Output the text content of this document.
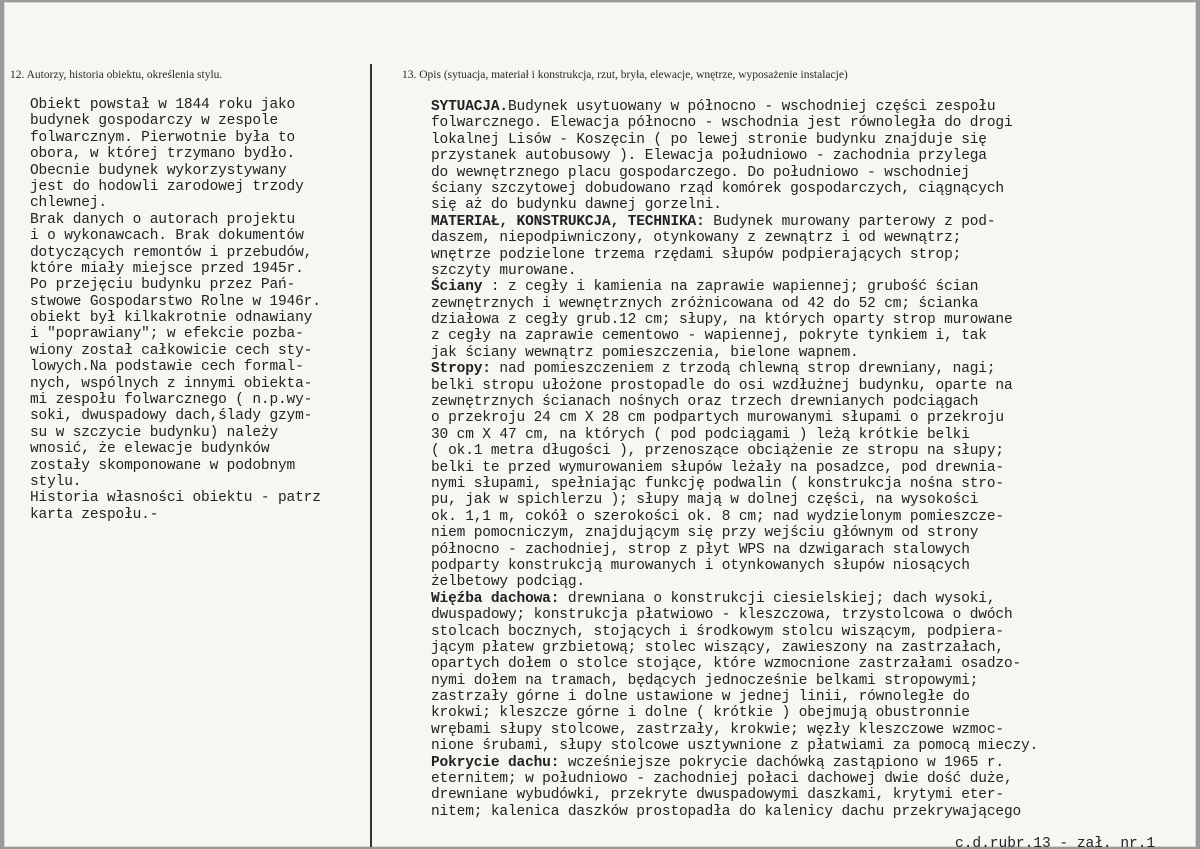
12. Autorzy, historia obiektu, określenia stylu.	13. Opis (sytuacja, materiał i konstrukcja, rzut, bryła, elewacje, wnętrze, wyposażenie instalacje)
Obiekt powstał w 1844 roku jako
budynek gospodarczy w zespole
folwarcznym. Pierwotnie była to
obora, w której trzymano bydło.
Obecnie budynek wykorzystywany
jest do hodowli zarodowej trzody
chlewnej.
Brak danych o autorach projektu
i o wykonawcach. Brak dokumentów
dotyczących remontów i przebudów,
które miały miejsce przed 1945r.
Po przejęciu budynku przez Pań-
stwowe Gospodarstwo Rolne w 1946r.
obiekt był kilkakrotnie odnawiany
i "poprawiany"; w efekcie pozba-
wiony został całkowicie cech sty-
lowych.Na podstawie cech formal-
nych, wspólnych z innymi obiekta-
mi zespołu folwarcznego ( n.p.wy-
soki, dwuspadowy dach,ślady gzym-
su w szczycie budynku) należy
wnosić, że elewacje budynków
zostały skomponowane w podobnym
stylu.
Historia własności obiektu - patrz
karta zespołu.-
SYTUACJA.Budynek usytuowany w północno - wschodniej części zespołu
folwarcznego. Elewacja północno - wschodnia jest równoległa do drogi
lokalnej Lisów - Koszęcin ( po lewej stronie budynku znajduje się
przystanek autobusowy ). Elewacja południowo - zachodnia przylega
do wewnętrznego placu gospodarczego. Do południowo - wschodniej
ściany szczytowej dobudowano rząd komórek gospodarczych, ciągnących
się aż do budynku dawnej gorzelni.
MATERIAŁ, KONSTRUKCJA, TECHNIKA: Budynek murowany parterowy z pod-
daszem, niepodpiwniczony, otynkowany z zewnątrz i od wewnątrz;
wnętrze podzielone trzema rzędami słupów podpierających strop;
szczyty murowane.
Ściany : z cegły i kamienia na zaprawie wapiennej; grubość ścian
zewnętrznych i wewnętrznych zróżnicowana od 42 do 52 cm; ścianka
działowa z cegły grub.12 cm; słupy, na których oparty strop murowane
z cegły na zaprawie cementowo - wapiennej, pokryte tynkiem i, tak
jak ściany wewnątrz pomieszczenia, bielone wapnem.
Stropy: nad pomieszczeniem z trzodą chlewną strop drewniany, nagi;
belki stropu ułożone prostopadle do osi wzdłużnej budynku, oparte na
zewnętrznych ścianach nośnych oraz trzech drewnianych podciągach
o przekroju 24 cm X 28 cm podpartych murowanymi słupami o przekroju
30 cm X 47 cm, na których ( pod podciągami ) leżą krótkie belki
( ok.1 metra długości ), przenoszące obciążenie ze stropu na słupy;
belki te przed wymurowaniem słupów leżały na posadzce, pod drewnia-
nymi słupami, spełniając funkcję podwalin ( konstrukcja nośna stro-
pu, jak w spichlerzu ); słupy mają w dolnej części, na wysokości
ok. 1,1 m, cokół o szerokości ok. 8 cm; nad wydzielonym pomieszcze-
niem pomocniczym, znajdującym się przy wejściu głównym od strony
północno - zachodniej, strop z płyt WPS na dzwigarach stalowych
podparty konstrukcją murowanych i otynkowanych słupów niosących
żelbetowy podciąg.
Więźba dachowa: drewniana o konstrukcji ciesielskiej; dach wysoki,
dwuspadowy; konstrukcja płatwiowo - kleszczowa, trzystolcowa o dwóch
stolcach bocznych, stojących i środkowym stolcu wiszącym, podpiera-
jącym płatew grzbietową; stolec wiszący, zawieszony na zastrzałach,
opartych dołem o stolce stojące, które wzmocnione zastrzałami osadzo-
nymi dołem na tramach, będących jednocześnie belkami stropowymi;
zastrzały górne i dolne ustawione w jednej linii, równoległe do
krokwi; kleszcze górne i dolne ( krótkie ) obejmują obustronnie
wrębami słupy stolcowe, zastrzały, krokwie; węzły kleszczowe wzmoc-
nione śrubami, słupy stolcowe usztywnione z płatwiami za pomocą mieczy.
Pokrycie dachu: wcześniejsze pokrycie dachówką zastąpiono w 1965 r.
eternitem; w południowo - zachodniej połaci dachowej dwie dość duże,
drewniane wybudówki, przekryte dwuspadowymi daszkami, krytymi eter-
nitem; kalenica daszków prostopadła do kalenicy dachu przekrywającego
c.d.rubr.13 - zał. nr.1
